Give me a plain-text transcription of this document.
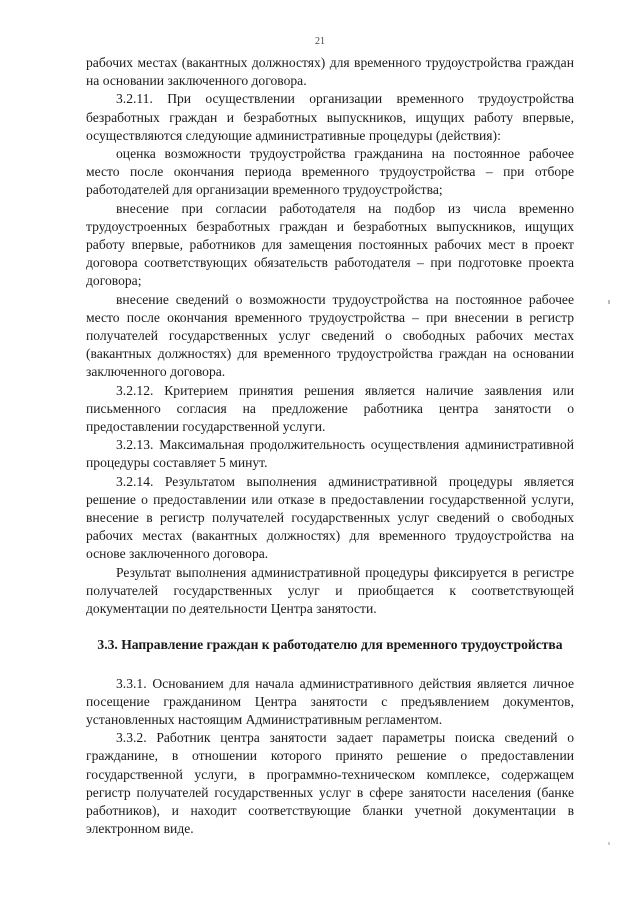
21

рабочих местах (вакантных должностях) для временного трудоустройства граждан на основании заключенного договора.

3.2.11. При осуществлении организации временного трудоустройства безработных граждан и безработных выпускников, ищущих работу впервые, осуществляются следующие административные процедуры (действия):

оценка возможности трудоустройства гражданина на постоянное рабочее место после окончания периода временного трудоустройства – при отборе работодателей для организации временного трудоустройства;

внесение при согласии работодателя на подбор из числа временно трудоустроенных безработных граждан и безработных выпускников, ищущих работу впервые, работников для замещения постоянных рабочих мест в проект договора соответствующих обязательств работодателя – при подготовке проекта договора;

внесение сведений о возможности трудоустройства на постоянное рабочее место после окончания временного трудоустройства – при внесении в регистр получателей государственных услуг сведений о свободных рабочих местах (вакантных должностях) для временного трудоустройства граждан на основании заключенного договора.

3.2.12. Критерием принятия решения является наличие заявления или письменного согласия на предложение работника центра занятости о предоставлении государственной услуги.

3.2.13. Максимальная продолжительность осуществления административной процедуры составляет 5 минут.

3.2.14. Результатом выполнения административной процедуры является решение о предоставлении или отказе в предоставлении государственной услуги, внесение в регистр получателей государственных услуг сведений о свободных рабочих местах (вакантных должностях) для временного трудоустройства на основе заключенного договора.

Результат выполнения административной процедуры фиксируется в регистре получателей государственных услуг и приобщается к соответствующей документации по деятельности Центра занятости.

3.3. Направление граждан к работодателю для временного трудоустройства

3.3.1. Основанием для начала административного действия является личное посещение гражданином Центра занятости с предъявлением документов, установленных настоящим Административным регламентом.

3.3.2. Работник центра занятости задает параметры поиска сведений о гражданине, в отношении которого принято решение о предоставлении государственной услуги, в программно-техническом комплексе, содержащем регистр получателей государственных услуг в сфере занятости населения (банке работников), и находит соответствующие бланки учетной документации в электронном виде.
